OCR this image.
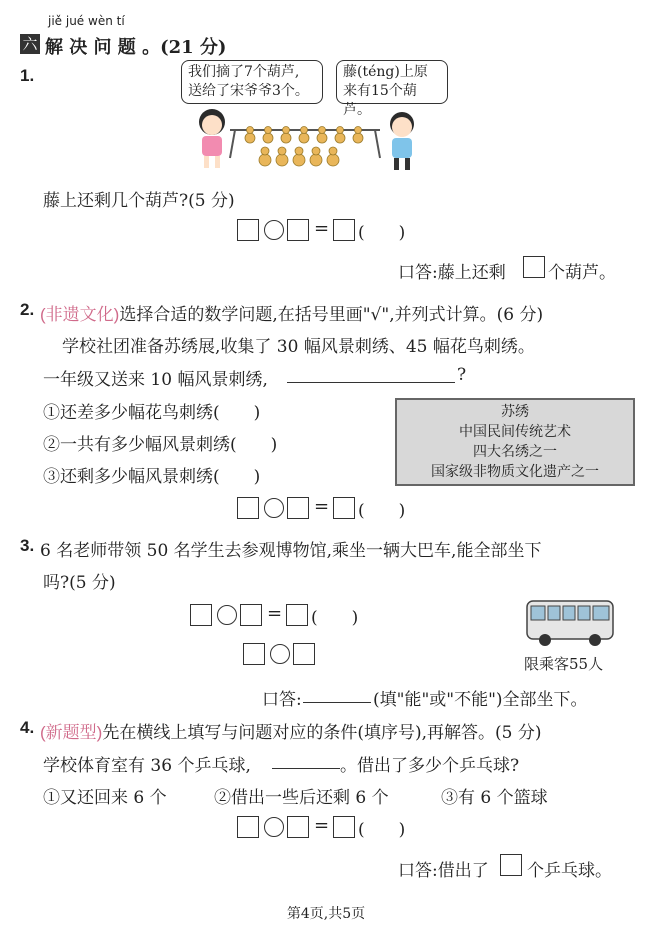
jiě jué wèn tí
六 解 决 问 题 。(21 分)
1.	我们摘了7个葫芦,
送给了宋爷爷3个。
藤(téng)上原
来有15个葫芦。
藤上还剩几个葫芦?(5 分)
= (　　)
口答:藤上还剩 个葫芦。
2. (非遗文化)选择合适的数学问题,在括号里画"√",并列式计算。(6 分)
学校社团准备苏绣展,收集了 30 幅风景刺绣、45 幅花鸟刺绣。
一年级又送来 10 幅风景刺绣,	?
①还差多少幅花鸟刺绣(　　)
②一共有多少幅风景刺绣(　　)
③还剩多少幅风景刺绣(　　)
苏绣
中国民间传统艺术
四大名绣之一
国家级非物质文化遗产之一
= (　　)
3. 6 名老师带领 50 名学生去参观博物馆,乘坐一辆大巴车,能全部坐下
吗?(5 分)
= (　　)
限乘客55人
口答:	(填"能"或"不能")全部坐下。
4. (新题型)先在横线上填写与问题对应的条件(填序号),再解答。(5 分)
学校体育室有 36 个乒乓球,	。借出了多少个乒乓球?
①又还回来 6 个	②借出一些后还剩 6 个	③有 6 个篮球
= (　　)
口答:借出了 个乒乓球。
第4页,共5页
